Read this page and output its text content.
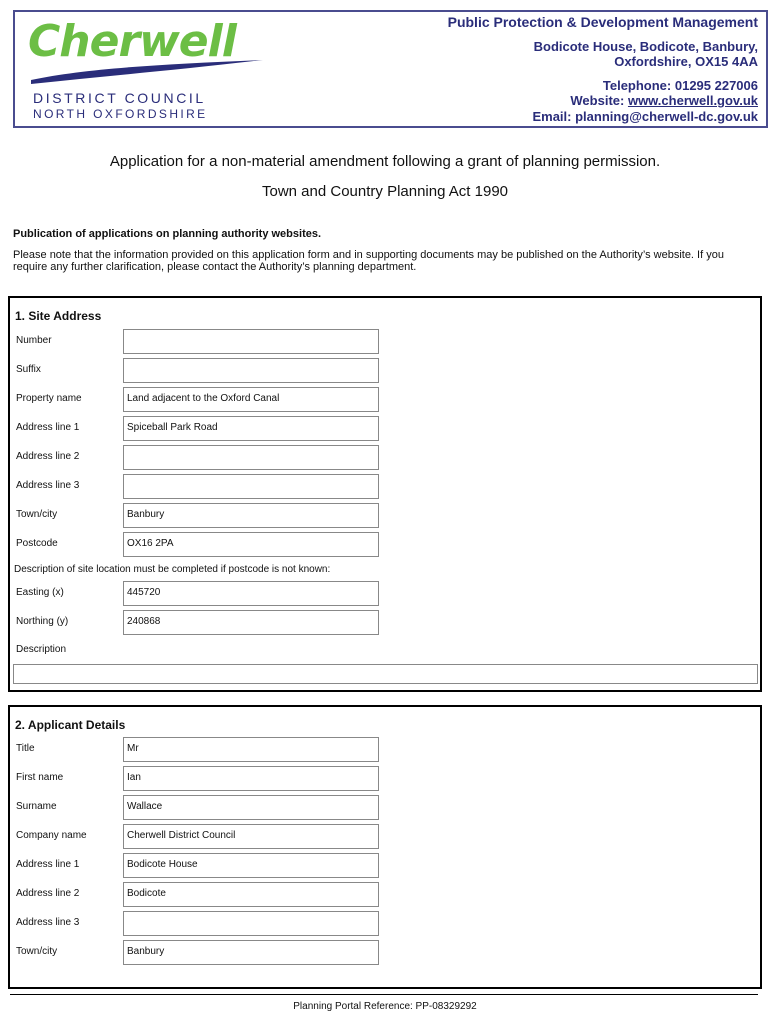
Cherwell
DISTRICT COUNCIL
NORTH OXFORDSHIRE
Public Protection & Development Management
Bodicote House, Bodicote, Banbury,
Oxfordshire, OX15 4AA
Telephone: 01295 227006
Website: www.cherwell.gov.uk
Email: planning@cherwell-dc.gov.uk
Application for a non-material amendment following a grant of planning permission.
Town and Country Planning Act 1990
Publication of applications on planning authority websites.
Please note that the information provided on this application form and in supporting documents may be published on the Authority’s website. If you require any further clarification, please contact the Authority’s planning department.
1. Site Address
Number
Suffix
Property name	Land adjacent to the Oxford Canal
Address line 1	Spiceball Park Road
Address line 2
Address line 3
Town/city	Banbury
Postcode	OX16 2PA
Description of site location must be completed if postcode is not known:
Easting (x)	445720
Northing (y)	240868
Description
2. Applicant Details
Title	Mr
First name	Ian
Surname	Wallace
Company name	Cherwell District Council
Address line 1	Bodicote House
Address line 2	Bodicote
Address line 3
Town/city	Banbury
Planning Portal Reference: PP-08329292
